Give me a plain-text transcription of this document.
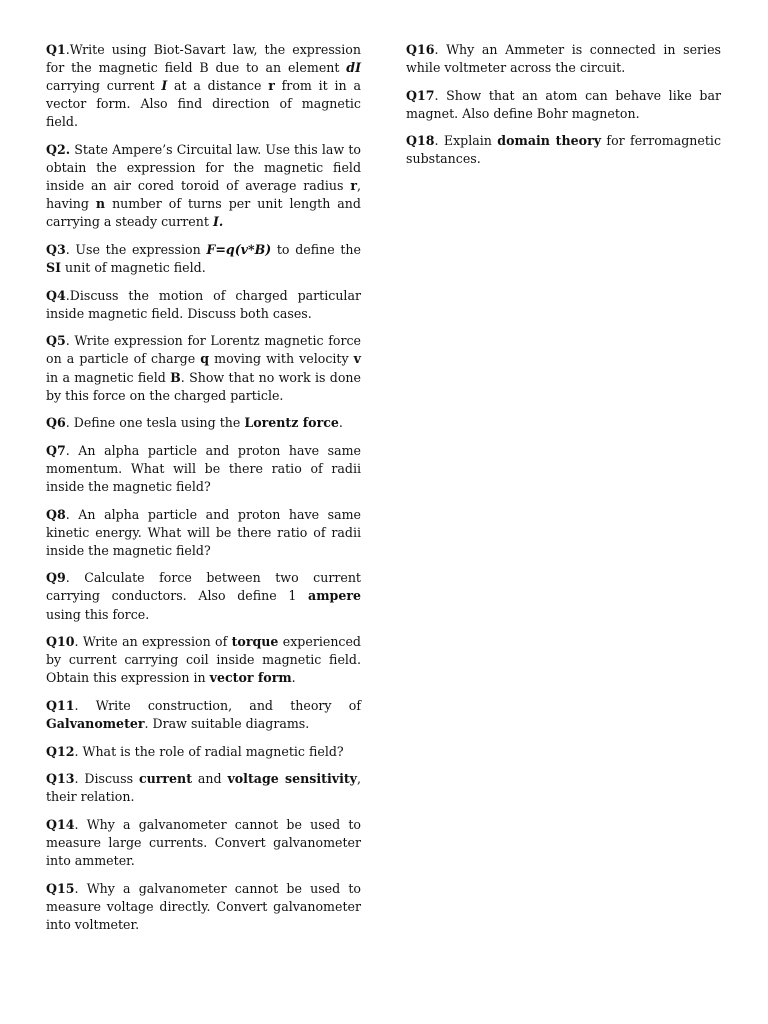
Q1.Write using Biot-Savart law, the expression for the magnetic field B due to an element dI carrying current I at a distance r from it in a vector form. Also find direction of magnetic field.

Q2. State Ampere’s Circuital law. Use this law to obtain the expression for the magnetic field inside an air cored toroid of average radius r, having n number of turns per unit length and carrying a steady current I.

Q3. Use the expression F=q(v*B) to define the SI unit of magnetic field.

Q4.Discuss the motion of charged particular inside magnetic field. Discuss both cases.

Q5. Write expression for Lorentz magnetic force on a particle of charge q moving with velocity v in a magnetic field B. Show that no work is done by this force on the charged particle.

Q6. Define one tesla using the Lorentz force.

Q7. An alpha particle and proton have same momentum. What will be there ratio of radii inside the magnetic field?

Q8. An alpha particle and proton have same kinetic energy. What will be there ratio of radii inside the magnetic field?

Q9. Calculate force between two current carrying conductors. Also define 1 ampere using this force.

Q10. Write an expression of torque experienced by current carrying coil inside magnetic field. Obtain this expression in vector form.

Q11. Write construction, and theory of Galvanometer. Draw suitable diagrams.

Q12. What is the role of radial magnetic field?

Q13. Discuss current and voltage sensitivity, their relation.

Q14. Why a galvanometer cannot be used to measure large currents. Convert galvanometer into ammeter.

Q15. Why a galvanometer cannot be used to measure voltage directly. Convert galvanometer into voltmeter.

Q16. Why an Ammeter is connected in series while voltmeter across the circuit.

Q17. Show that an atom can behave like bar magnet. Also define Bohr magneton.

Q18. Explain domain theory for ferromagnetic substances.
